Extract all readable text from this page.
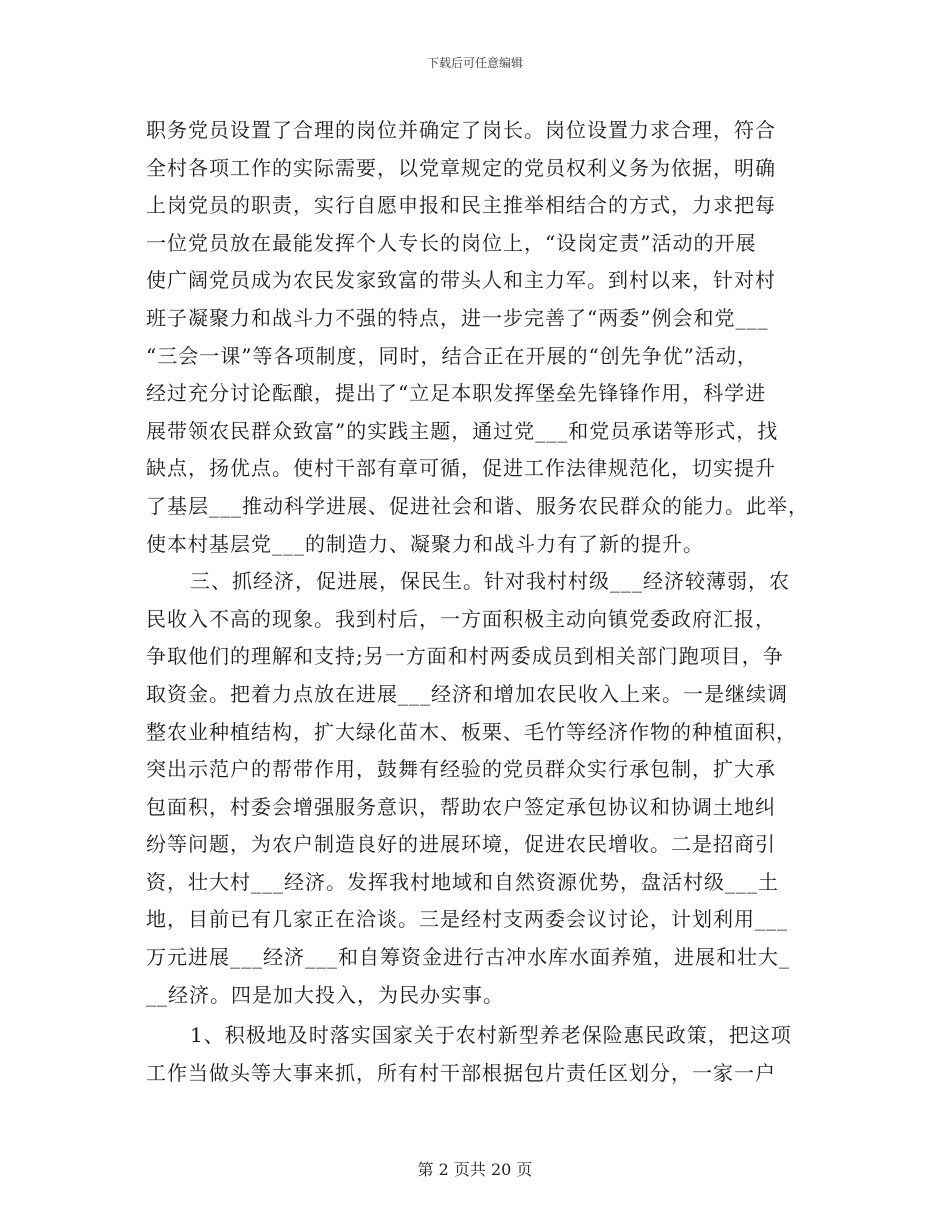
下载后可任意编辑
职务党员设置了合理的岗位并确定了岗长。岗位设置力求合理，符合
全村各项工作的实际需要，以党章规定的党员权利义务为依据，明确
上岗党员的职责，实行自愿申报和民主推举相结合的方式，力求把每
一位党员放在最能发挥个人专长的岗位上，“设岗定责”活动的开展
使广阔党员成为农民发家致富的带头人和主力军。到村以来，针对村
班子凝聚力和战斗力不强的特点，进一步完善了“两委”例会和党___
“三会一课”等各项制度，同时，结合正在开展的“创先争优”活动，
经过充分讨论酝酿，提出了“立足本职发挥堡垒先锋锋作用，科学进
展带领农民群众致富”的实践主题，通过党___和党员承诺等形式，找
缺点，扬优点。使村干部有章可循，促进工作法律规范化，切实提升
了基层___推动科学进展、促进社会和谐、服务农民群众的能力。此举，
使本村基层党___的制造力、凝聚力和战斗力有了新的提升。
三、抓经济，促进展，保民生。针对我村村级___经济较薄弱，农
民收入不高的现象。我到村后，一方面积极主动向镇党委政府汇报，
争取他们的理解和支持;另一方面和村两委成员到相关部门跑项目，争
取资金。把着力点放在进展___经济和增加农民收入上来。一是继续调
整农业种植结构，扩大绿化苗木、板栗、毛竹等经济作物的种植面积，
突出示范户的帮带作用，鼓舞有经验的党员群众实行承包制，扩大承
包面积，村委会增强服务意识，帮助农户签定承包协议和协调土地纠
纷等问题，为农户制造良好的进展环境，促进农民增收。二是招商引
资，壮大村___经济。发挥我村地域和自然资源优势，盘活村级___土
地，目前已有几家正在洽谈。三是经村支两委会议讨论，计划利用___
万元进展___经济___和自筹资金进行古冲水库水面养殖，进展和壮大_
__经济。四是加大投入，为民办实事。
1、积极地及时落实国家关于农村新型养老保险惠民政策，把这项
工作当做头等大事来抓，所有村干部根据包片责任区划分，一家一户
第 2 页共 20 页
